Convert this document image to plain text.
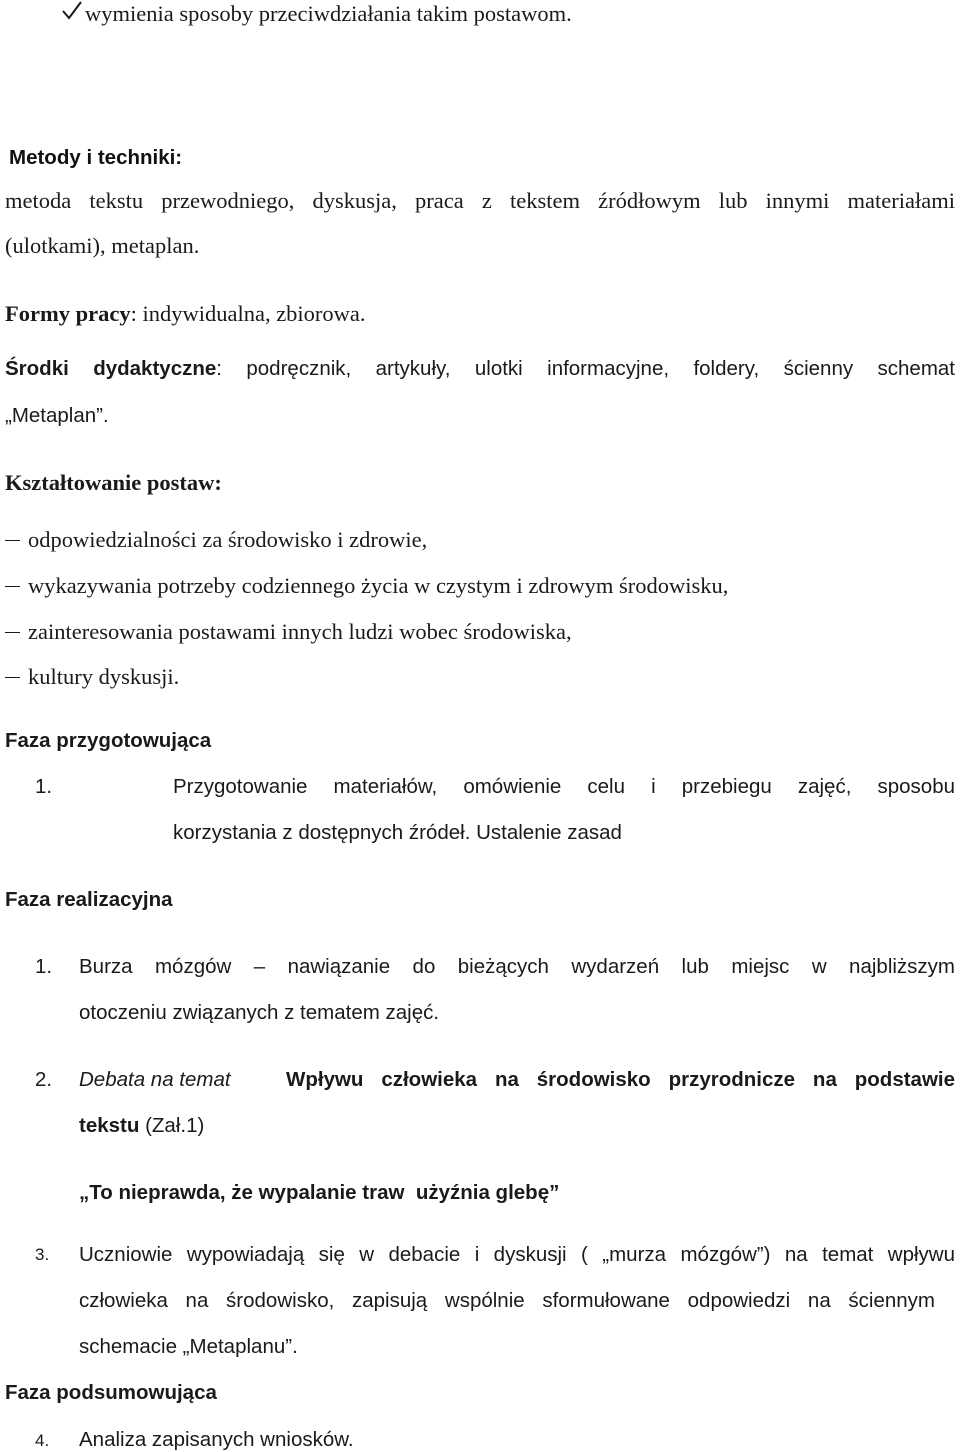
wymienia sposoby przeciwdziałania takim postawom.
Metody i techniki:
metoda tekstu przewodniego, dyskusja, praca z tekstem źródłowym lub innymi materiałami
(ulotkami), metaplan.
Formy pracy: indywidualna, zbiorowa.
Środki dydaktyczne: podręcznik, artykuły, ulotki informacyjne, foldery, ścienny schemat
„Metaplan”.
Kształtowanie postaw:
odpowiedzialności za środowisko i zdrowie,
wykazywania potrzeby codziennego życia w czystym i zdrowym środowisku,
zainteresowania postawami innych ludzi wobec środowiska,
kultury dyskusji.
Faza przygotowująca
1.	Przygotowanie materiałów, omówienie celu i przebiegu zajęć, sposobu
korzystania z dostępnych źródeł. Ustalenie zasad
Faza realizacyjna
1. Burza mózgów – nawiązanie do bieżących wydarzeń lub miejsc w najbliższym
otoczeniu związanych z tematem zajęć.
2. Debata na temat	Wpływu człowieka na środowisko przyrodnicze na podstawie
tekstu (Zał.1)
„To nieprawda, że wypalanie traw  użyźnia glebę”
3. Uczniowie wypowiadają się w debacie i dyskusji ( „murza mózgów”) na temat wpływu
człowieka na środowisko, zapisują wspólnie sformułowane odpowiedzi na ściennym
schemacie „Metaplanu”.
Faza podsumowująca
4. Analiza zapisanych wniosków.
